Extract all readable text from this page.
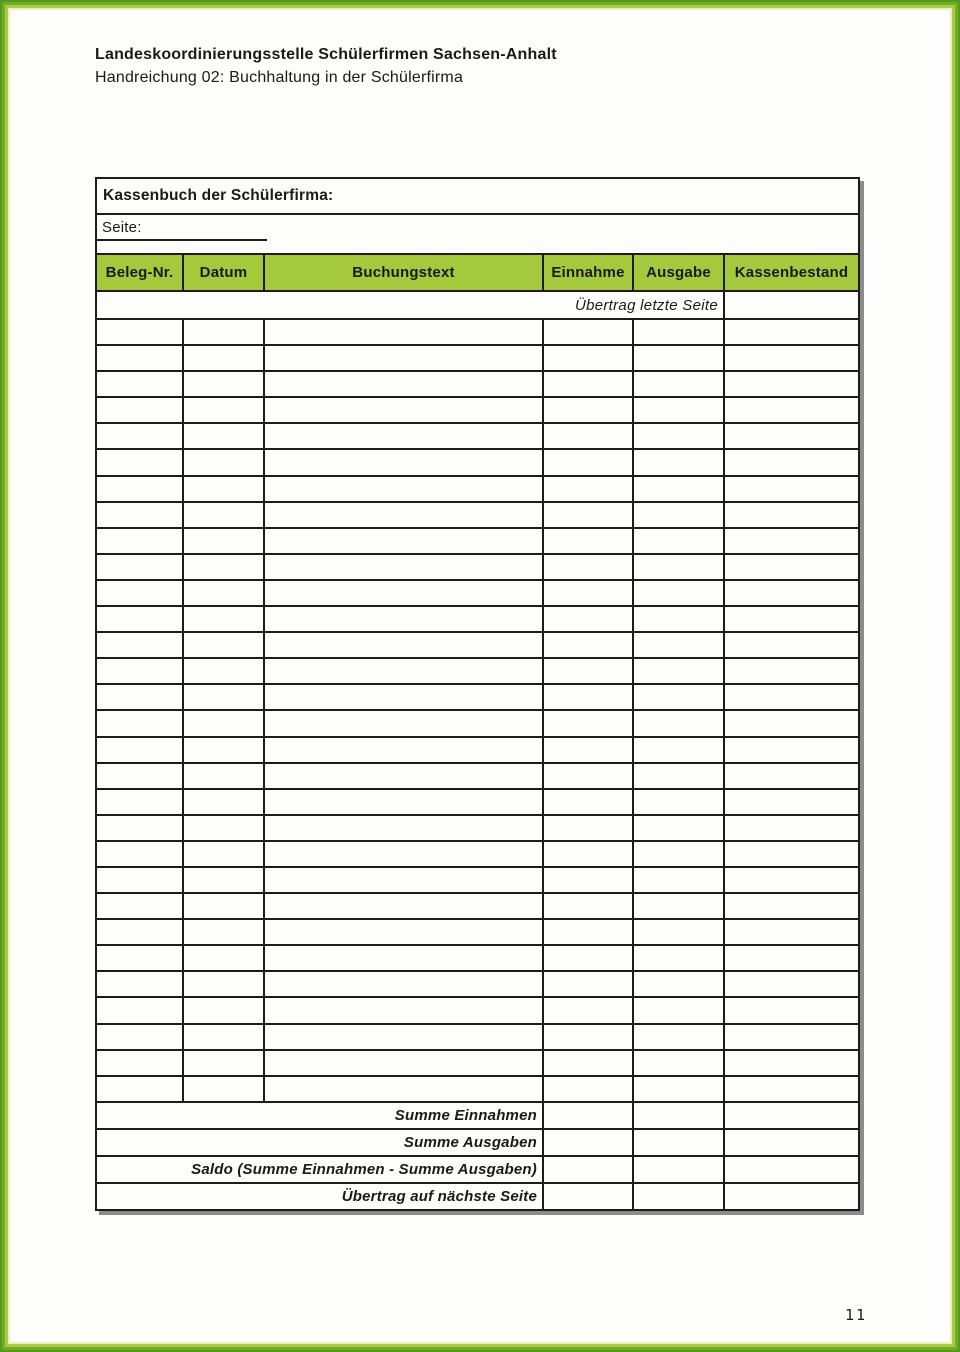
Landeskoordinierungsstelle Schülerfirmen Sachsen-Anhalt
Handreichung 02: Buchhaltung in der Schülerfirma
Kassenbuch der Schülerfirma:					
Seite:					
Beleg-Nr.	Datum	Buchungstext	Einnahme	Ausgabe	Kassenbestand
Übertrag letzte Seite					

Summe Einnahmen					
Summe Ausgaben					
Saldo (Summe Einnahmen - Summe Ausgaben)					
Übertrag auf nächste Seite					
11
